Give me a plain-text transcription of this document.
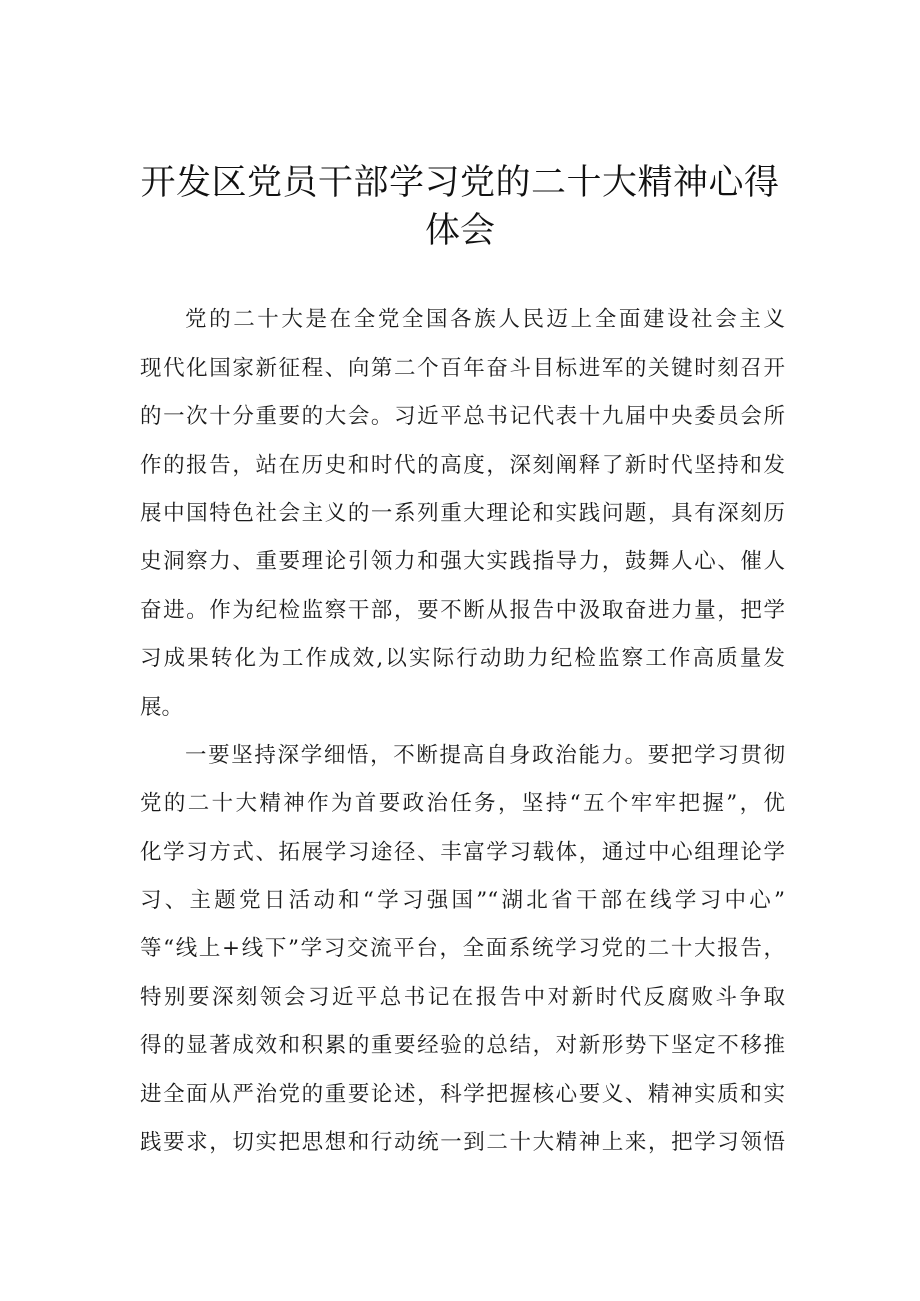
开发区党员干部学习党的二十大精神心得
体会
党的二十大是在全党全国各族人民迈上全面建设社会主义
现代化国家新征程、向第二个百年奋斗目标进军的关键时刻召开
的一次十分重要的大会。习近平总书记代表十九届中央委员会所
作的报告，站在历史和时代的高度，深刻阐释了新时代坚持和发
展中国特色社会主义的一系列重大理论和实践问题，具有深刻历
史洞察力、重要理论引领力和强大实践指导力，鼓舞人心、催人
奋进。作为纪检监察干部，要不断从报告中汲取奋进力量，把学
习成果转化为工作成效,以实际行动助力纪检监察工作高质量发
展。
一要坚持深学细悟，不断提高自身政治能力。要把学习贯彻
党的二十大精神作为首要政治任务，坚持“五个牢牢把握”，优
化学习方式、拓展学习途径、丰富学习载体，通过中心组理论学
习、主题党日活动和“学习强国”“湖北省干部在线学习中心”
等“线上+线下”学习交流平台，全面系统学习党的二十大报告，
特别要深刻领会习近平总书记在报告中对新时代反腐败斗争取
得的显著成效和积累的重要经验的总结，对新形势下坚定不移推
进全面从严治党的重要论述，科学把握核心要义、精神实质和实
践要求，切实把思想和行动统一到二十大精神上来，把学习领悟
